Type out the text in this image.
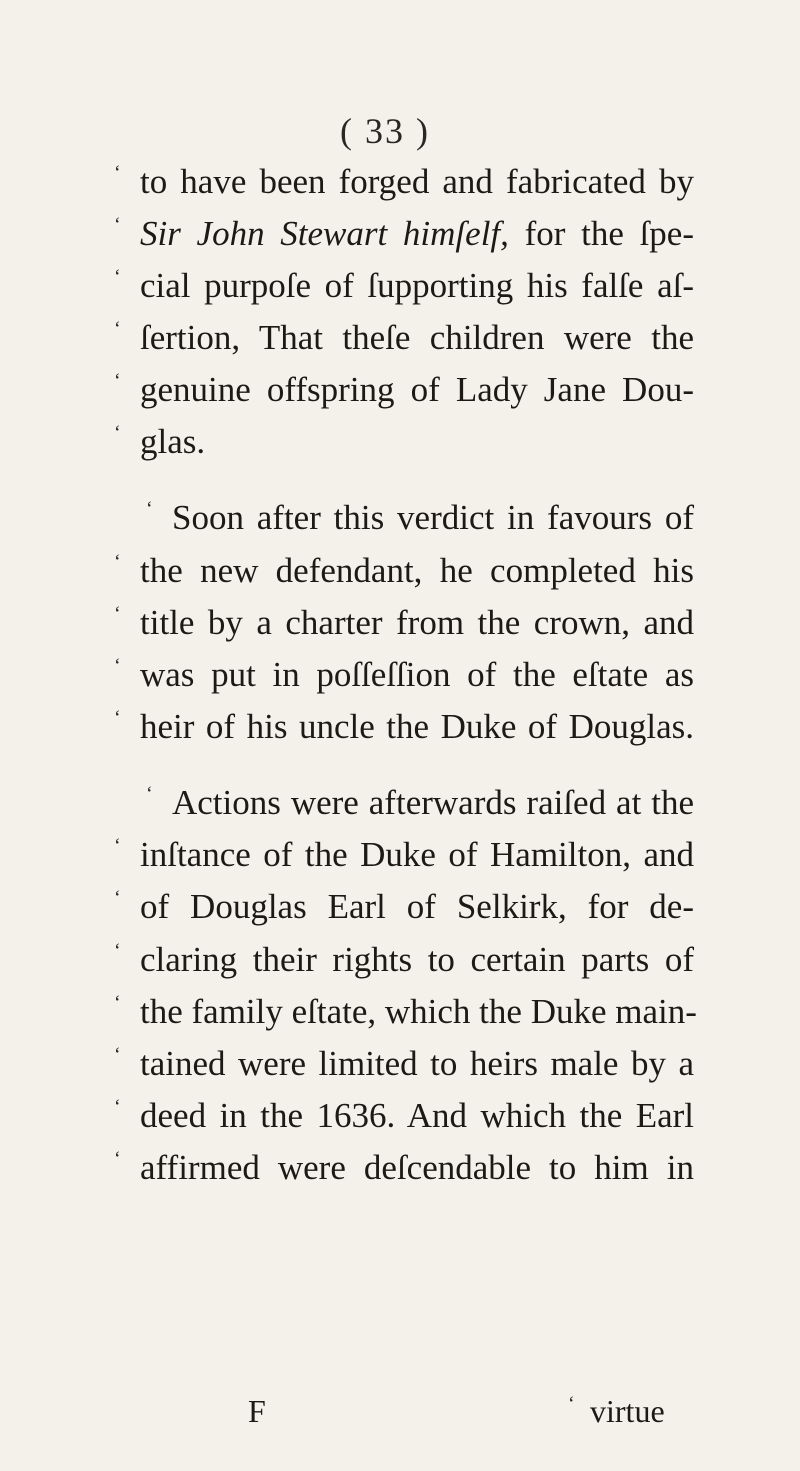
( 33 )
‘ to have been forged and fabricated by
‘ Sir John Stewart himſelf, for the ſpe-
‘ cial purpoſe of ſupporting his falſe aſ-
‘ ſertion, That theſe children were the
‘ genuine offspring of Lady Jane Dou-
‘ glas.
‘ Soon after this verdict in favours of
‘ the new defendant, he completed his
‘ title by a charter from the crown, and
‘ was put in poſſeſſion of the eſtate as
‘ heir of his uncle the Duke of Douglas.
‘ Actions were afterwards raiſed at the
‘ inſtance of the Duke of Hamilton, and
‘ of Douglas Earl of Selkirk, for de-
‘ claring their rights to certain parts of
‘ the family eſtate, which the Duke main-
‘ tained were limited to heirs male by a
‘ deed in the 1636. And which the Earl
‘ affirmed were deſcendable to him in
F	‘ virtue
